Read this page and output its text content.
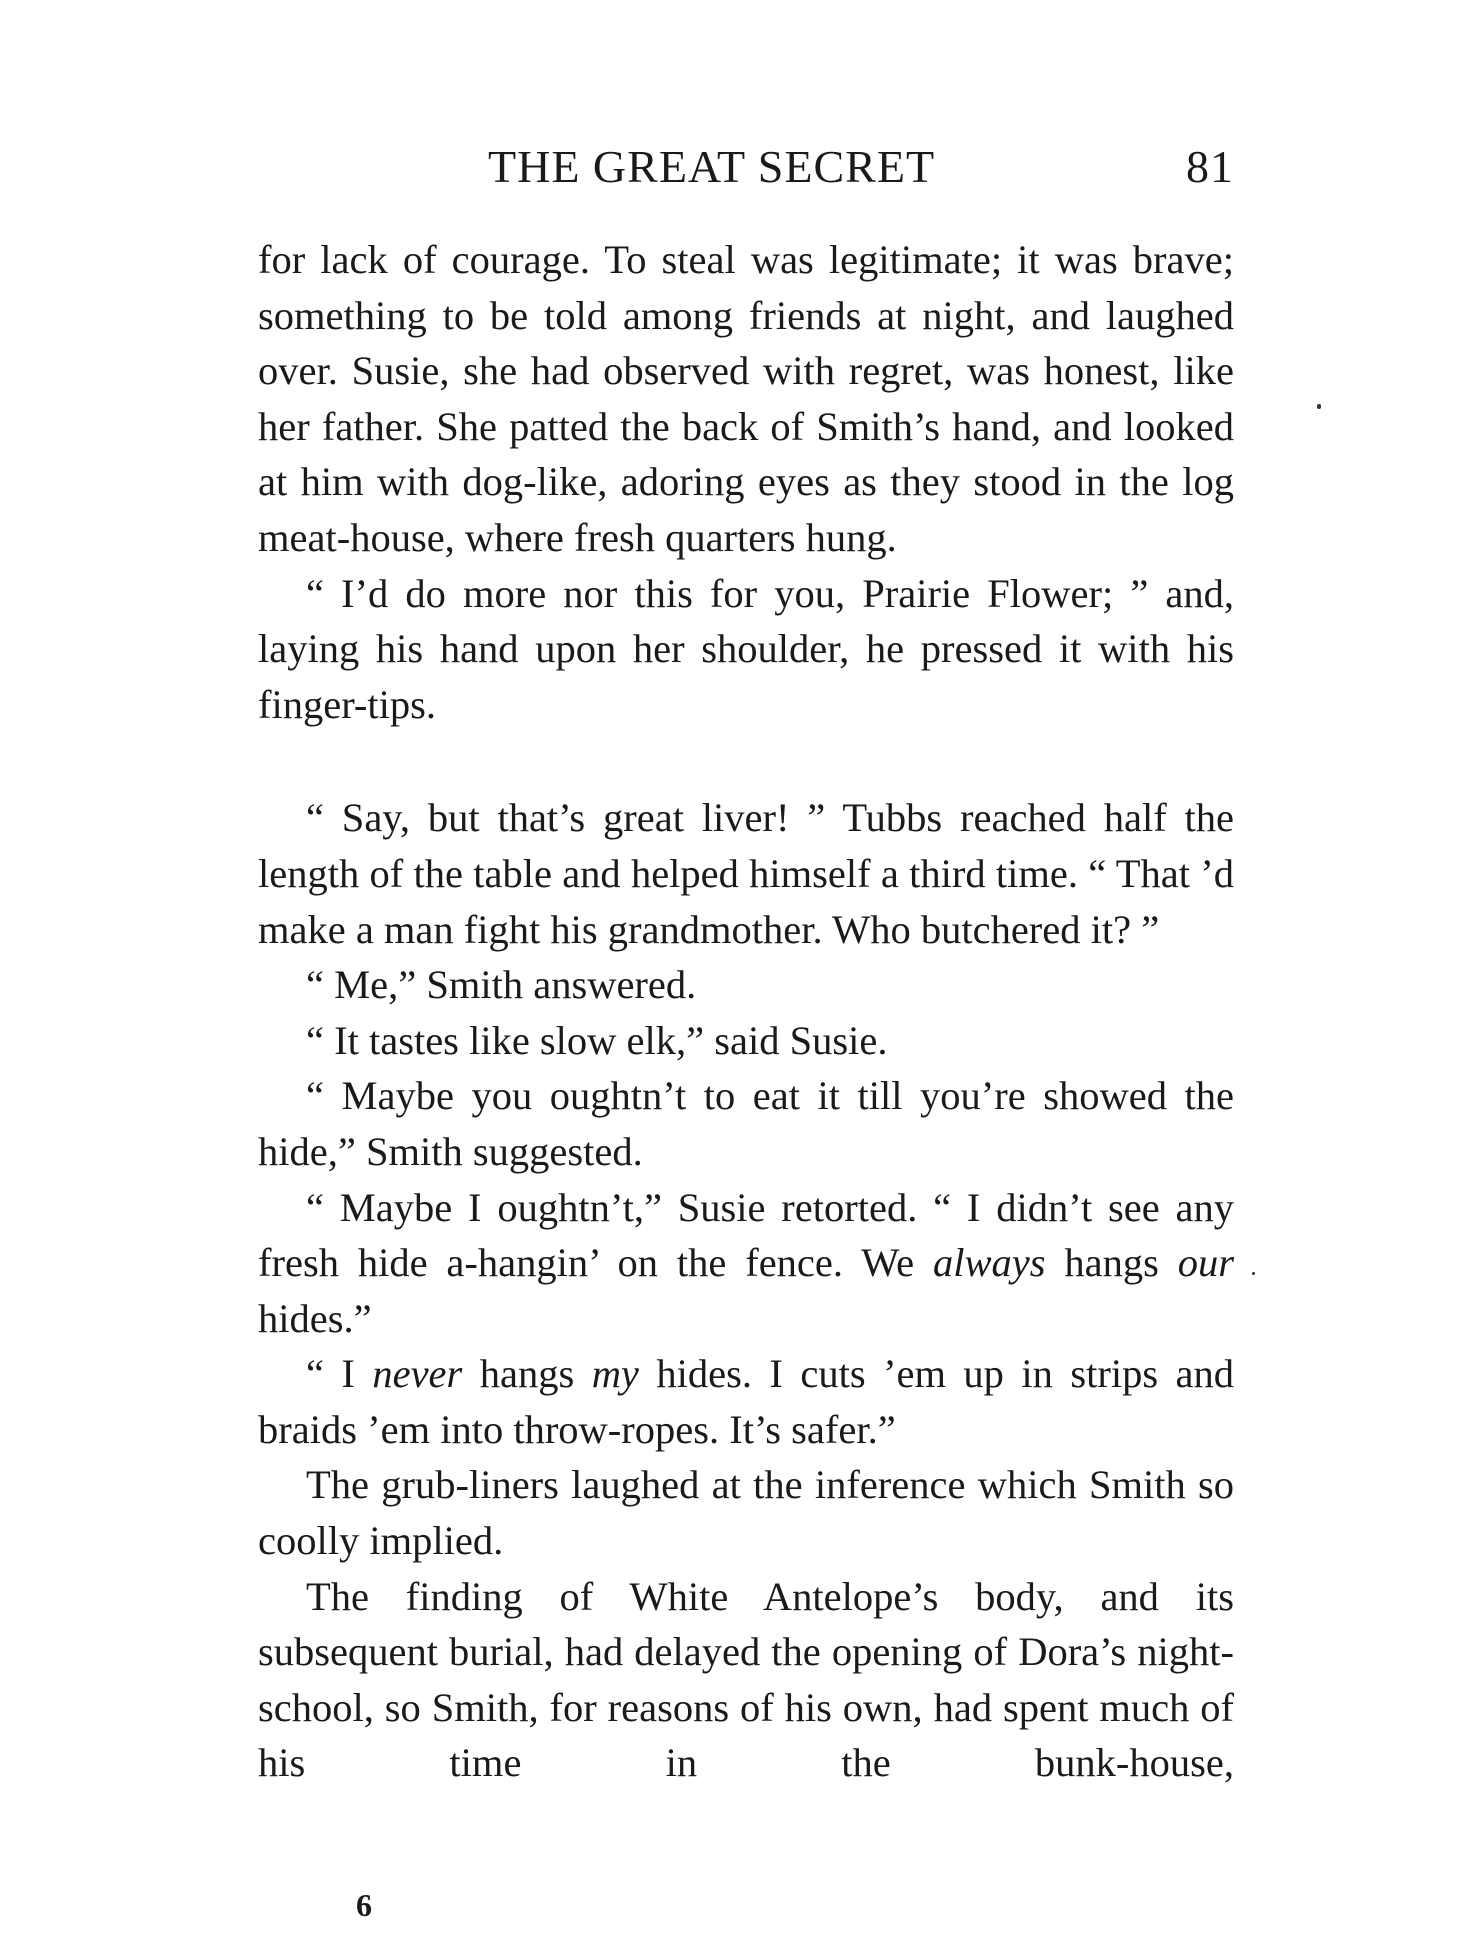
THE GREAT SECRET	81

for lack of courage. To steal was legitimate; it was brave; something to be told among friends at night, and laughed over. Susie, she had observed with regret, was honest, like her father. She patted the back of Smith’s hand, and looked at him with dog-like, adoring eyes as they stood in the log meat-house, where fresh quarters hung.

“ I’d do more nor this for you, Prairie Flower; ” and, laying his hand upon her shoulder, he pressed it with his finger-tips.

“ Say, but that’s great liver! ” Tubbs reached half the length of the table and helped himself a third time. “ That ’d make a man fight his grandmother. Who butchered it? ”

“ Me,” Smith answered.

“ It tastes like slow elk,” said Susie.

“ Maybe you oughtn’t to eat it till you’re showed the hide,” Smith suggested.

“ Maybe I oughtn’t,” Susie retorted. “ I didn’t see any fresh hide a-hangin’ on the fence. We always hangs our hides.”

“ I never hangs my hides. I cuts ’em up in strips and braids ’em into throw-ropes. It’s safer.”

The grub-liners laughed at the inference which Smith so coolly implied.

The finding of White Antelope’s body, and its subsequent burial, had delayed the opening of Dora’s night-school, so Smith, for reasons of his own, had spent much of his time in the bunk-house,

6
